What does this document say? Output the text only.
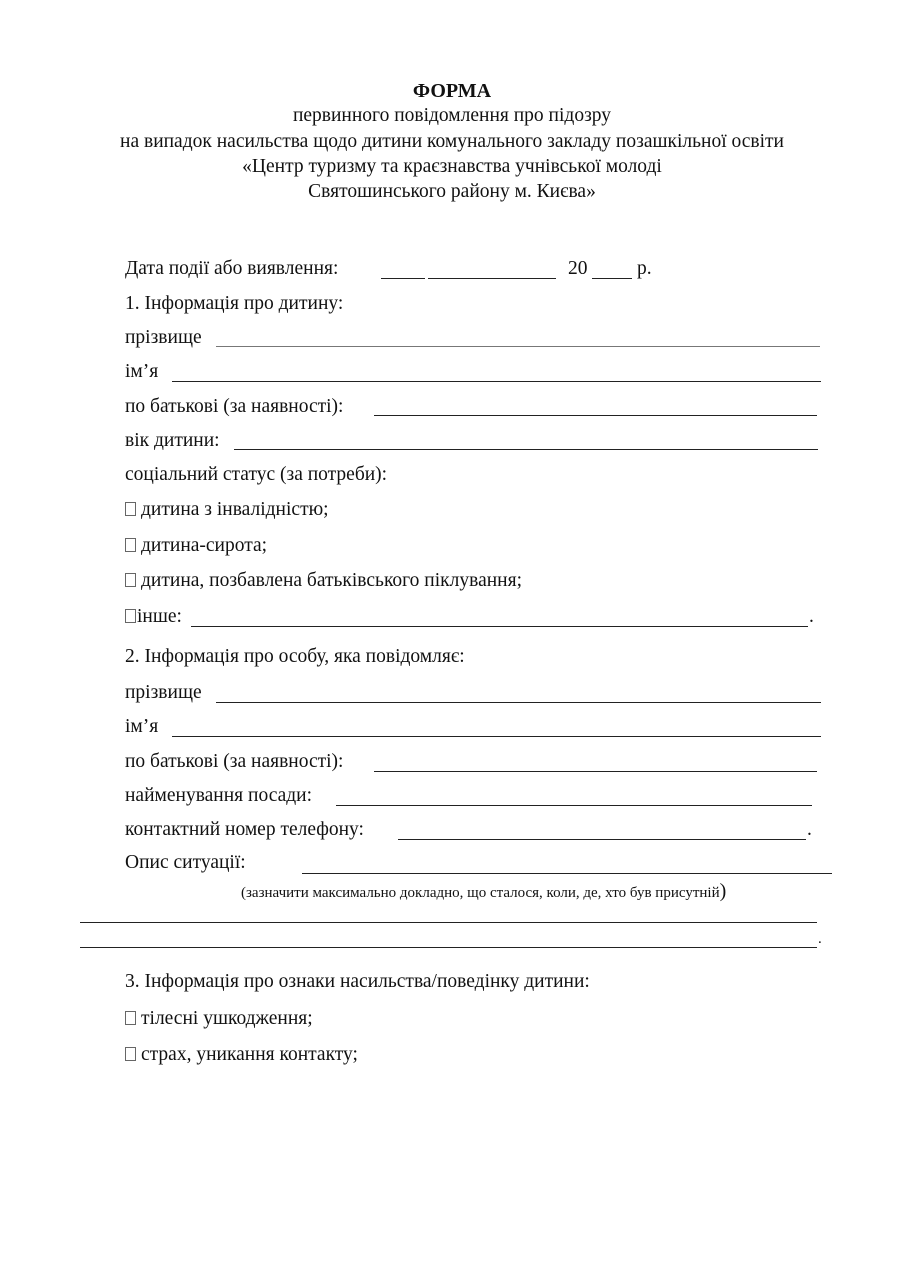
ФОРМА
первинного повідомлення про підозру
на випадок насильства щодо дитини комунального закладу позашкільної освіти
«Центр туризму та краєзнавства учнівської молоді
Святошинського району м. Києва»
Дата події або виявлення:	20	р.
1. Інформація про дитину:
прізвище
ім’я
по батькові (за наявності):
вік дитини:
соціальний статус (за потреби):
дитина з інвалідністю;
дитина-сирота;
дитина, позбавлена батьківського піклування;
інше:	.
2. Інформація про особу, яка повідомляє:
прізвище
ім’я
по батькові (за наявності):
найменування посади:
контактний номер телефону:	.
Опис ситуації:
(зазначити максимально докладно, що сталося, коли, де, хто був присутній)
.
3. Інформація про ознаки насильства/поведінку дитини:
тілесні ушкодження;
страх, уникання контакту;
